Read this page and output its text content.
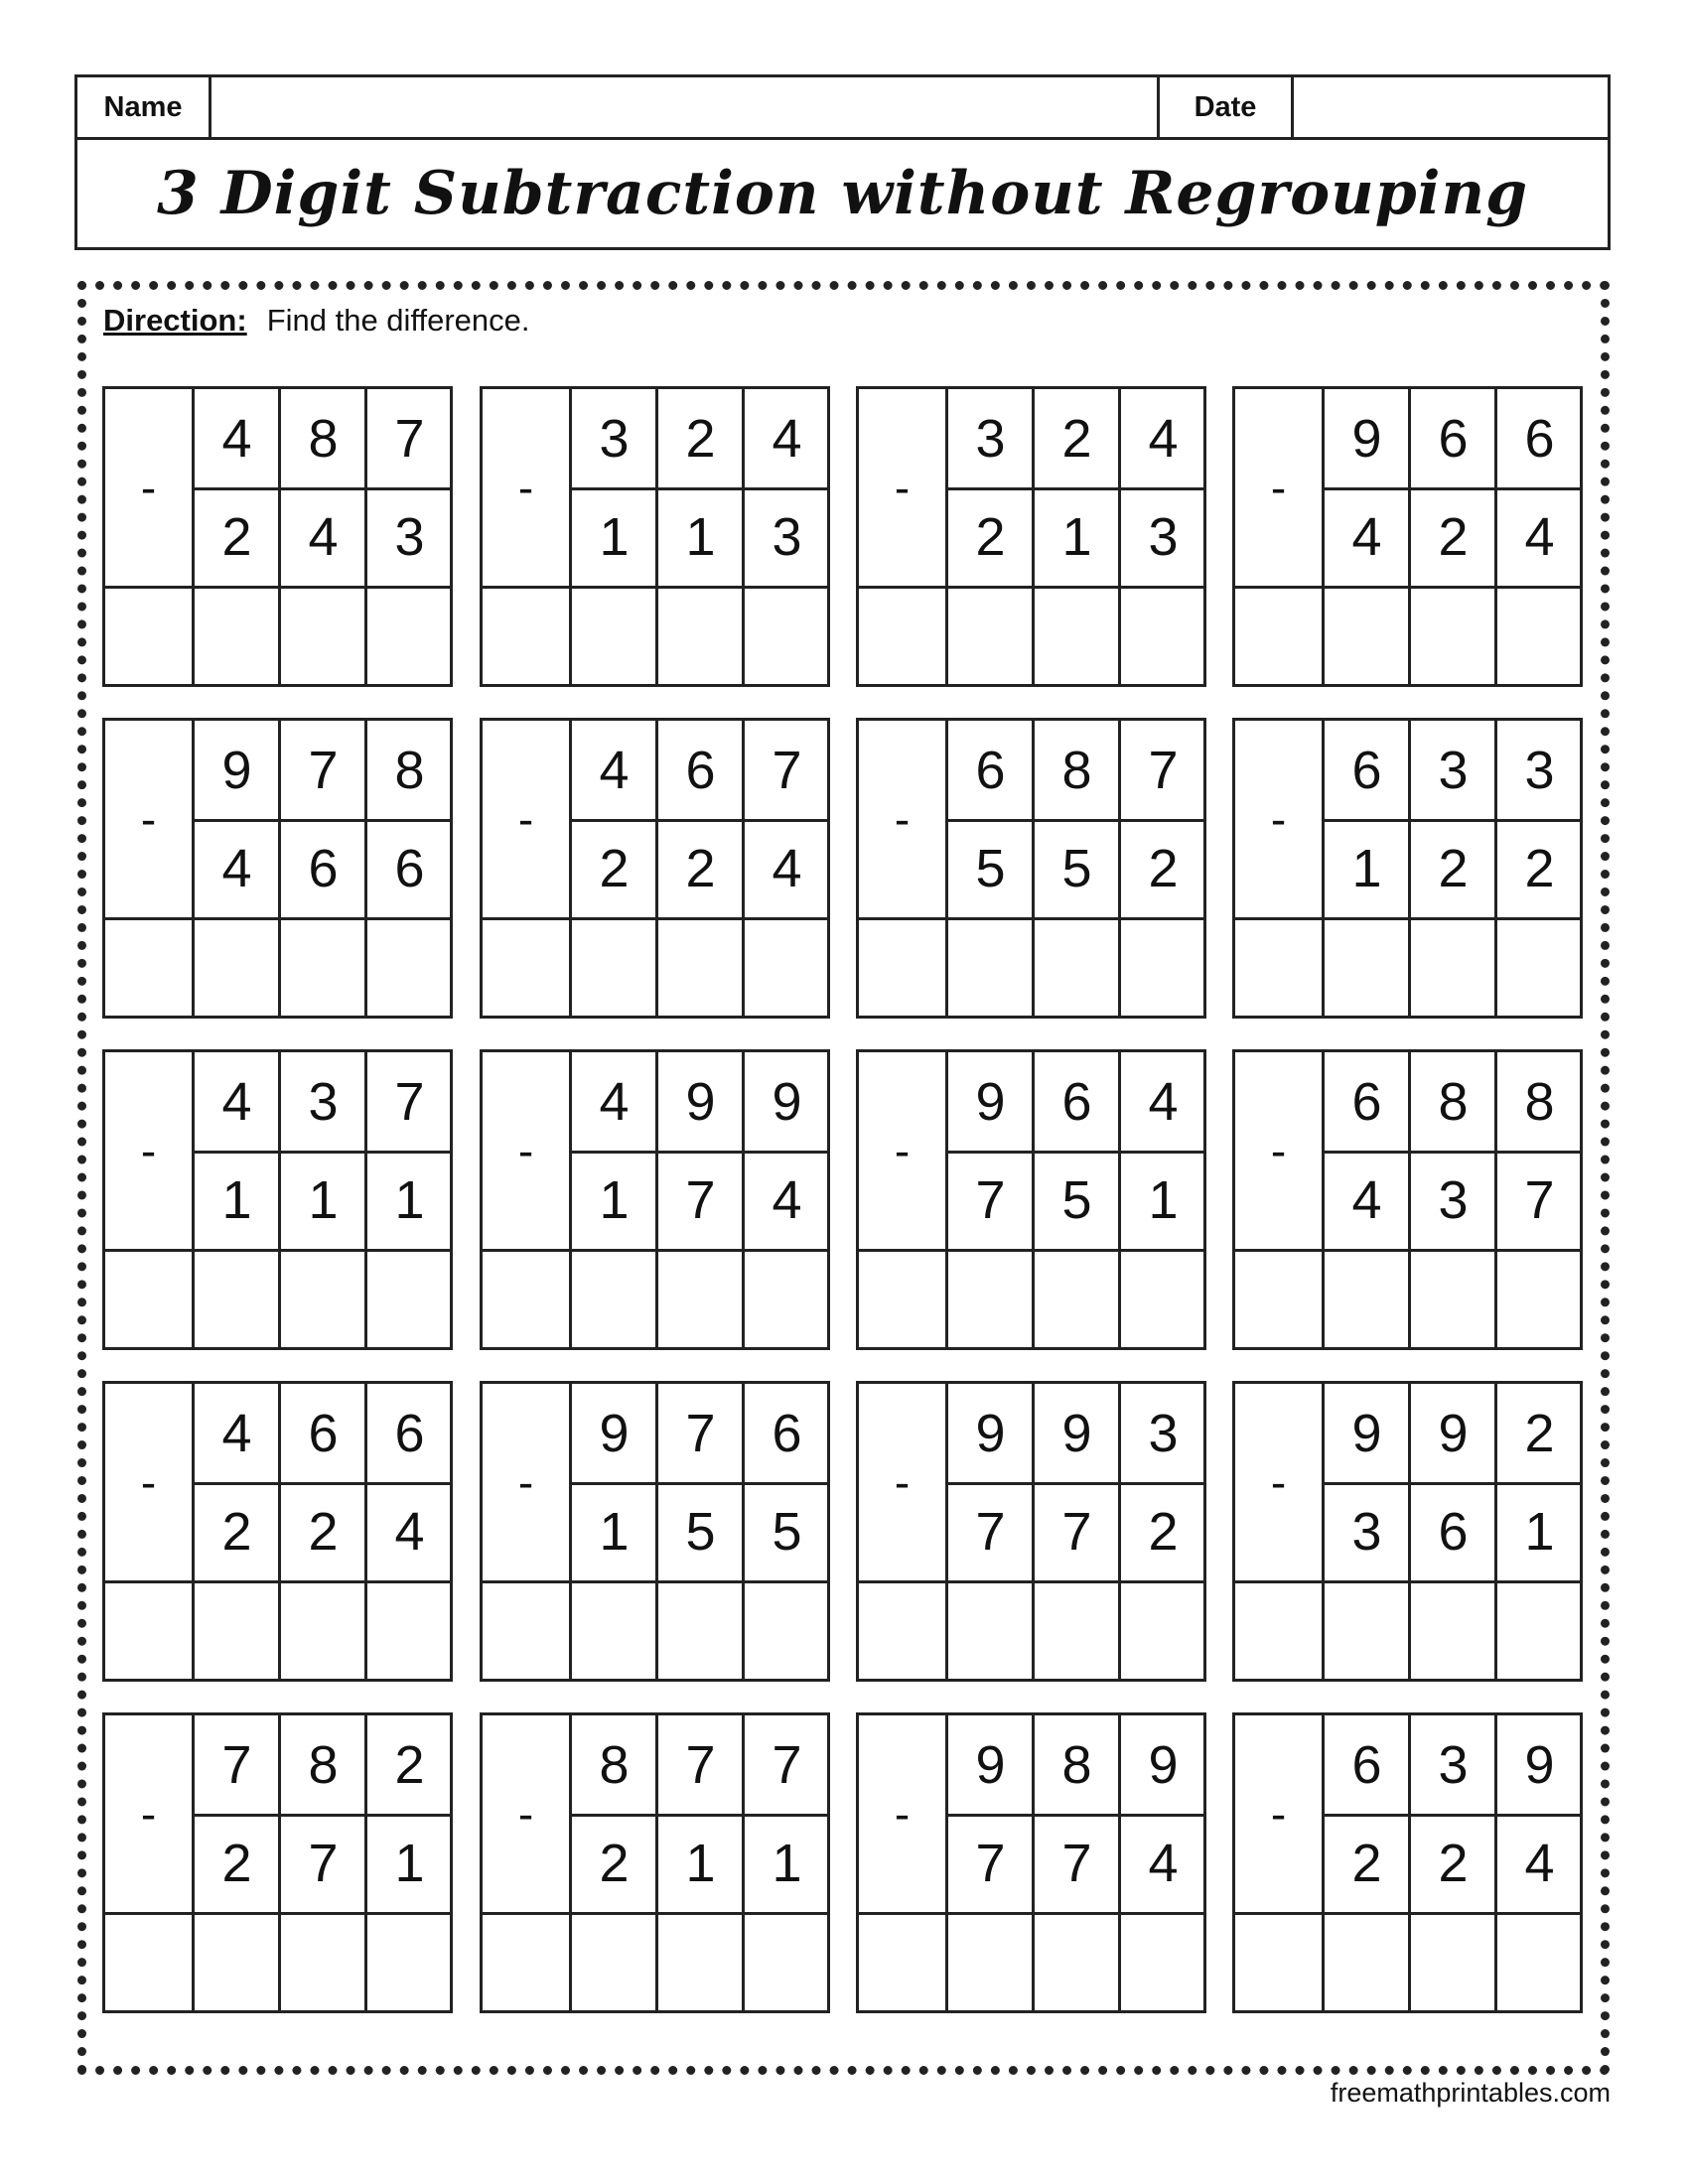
Name	Date
3 Digit Subtraction without Regrouping
Direction: Find the difference.
-
4	8	7
2	4	3
-
3	2	4
1	1	3
-
3	2	4
2	1	3
-
9	6	6
4	2	4
-
9	7	8
4	6	6
-
4	6	7
2	2	4
-
6	8	7
5	5	2
-
6	3	3
1	2	2
-
4	3	7
1	1	1
-
4	9	9
1	7	4
-
9	6	4
7	5	1
-
6	8	8
4	3	7
-
4	6	6
2	2	4
-
9	7	6
1	5	5
-
9	9	3
7	7	2
-
9	9	2
3	6	1
-
7	8	2
2	7	1
-
8	7	7
2	1	1
-
9	8	9
7	7	4
-
6	3	9
2	2	4
freemathprintables.com
